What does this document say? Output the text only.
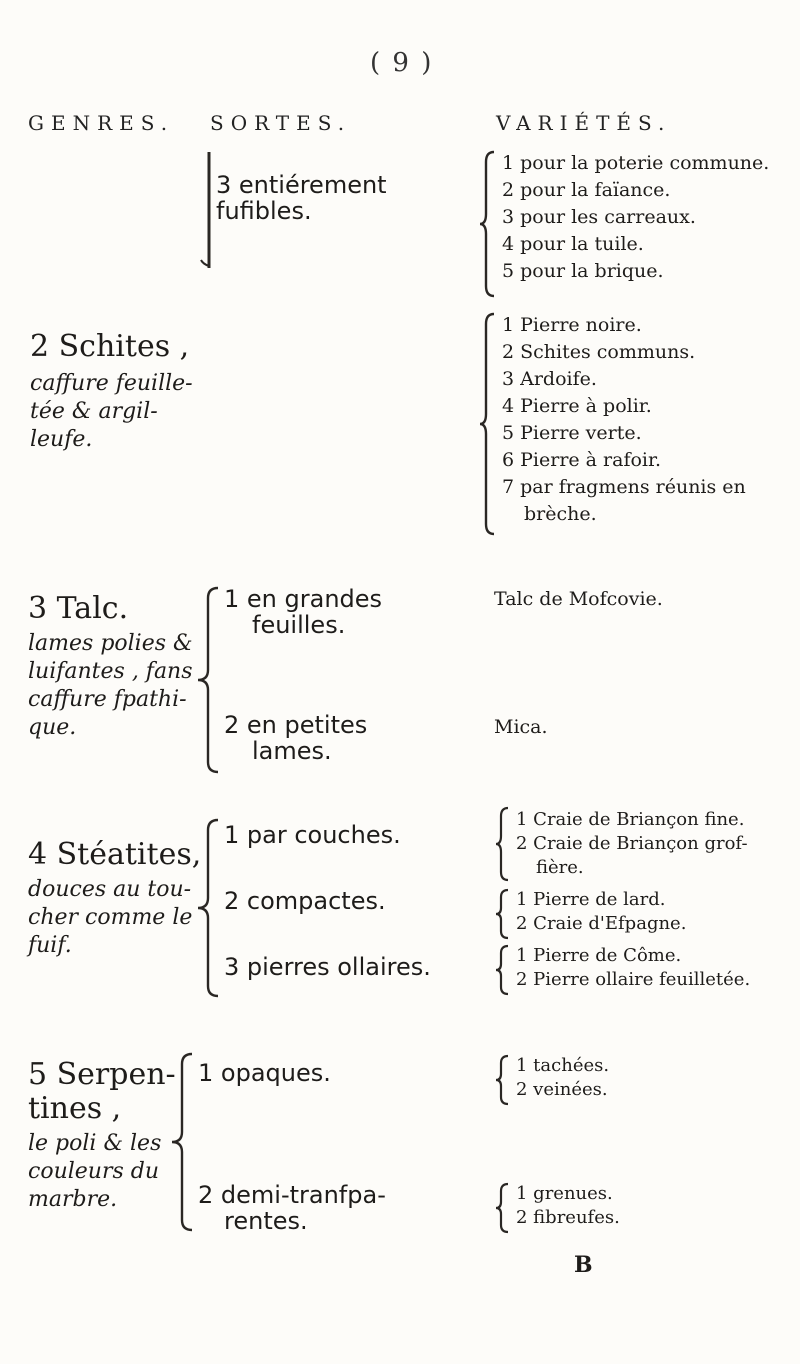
( 9 )
GENRES. SORTES.	VARIÉTÉS.
3 entiérement
fufibles.
1 pour la poterie commune.
2 pour la faïance.
3 pour les carreaux.
4 pour la tuile.
5 pour la brique.
2 Schites ,
caffure feuille-
tée & argil-
leufe.
1 Pierre noire.
2 Schites communs.
3 Ardoife.
4 Pierre à polir.
5 Pierre verte.
6 Pierre à rafoir.
7 par fragmens réunis en
brèche.
3 Talc.
lames polies &
luifantes , fans
caffure fpathi-
que.
1 en grandes
feuilles.
2 en petites
lames.
Talc de Mofcovie.
Mica.
4 Stéatites,
douces au tou-
cher comme le
fuif.
1 par couches.
2 compactes.
3 pierres ollaires.
1 Craie de Briançon fine.
2 Craie de Briançon grof-
fière.
1 Pierre de lard.
2 Craie d'Efpagne.
1 Pierre de Côme.
2 Pierre ollaire feuilletée.
5 Serpen-
tines ,
le poli & les
couleurs du
marbre.
1 opaques.
2 demi-tranfpa-
rentes.
1 tachées.
2 veinées.
1 grenues.
2 fibreufes.
B
